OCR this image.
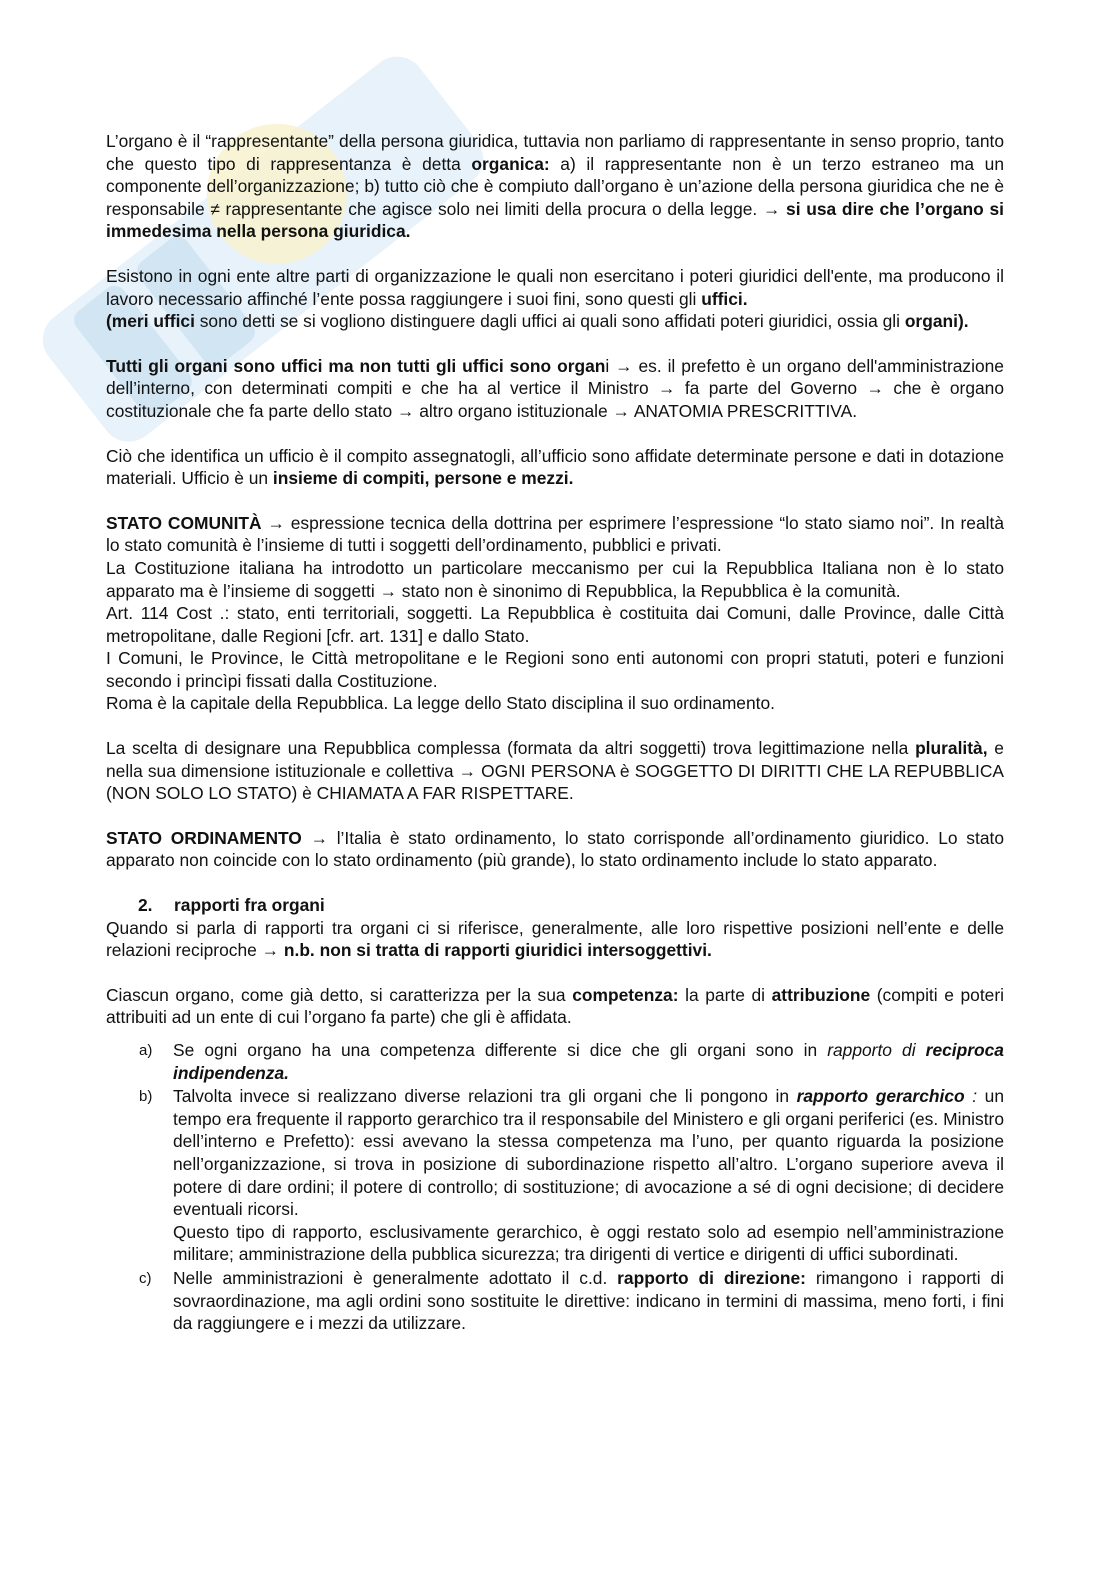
L’organo è il “rappresentante” della persona giuridica, tuttavia non parliamo di rappresentante in senso proprio, tanto che questo tipo di rappresentanza è detta organica: a) il rappresentante non è un terzo estraneo ma un componente dell’organizzazione; b) tutto ciò che è compiuto dall’organo è un’azione della persona giuridica che ne è responsabile ≠ rappresentante che agisce solo nei limiti della procura o della legge. → si usa dire che l’organo si immedesima nella persona giuridica.

Esistono in ogni ente altre parti di organizzazione le quali non esercitano i poteri giuridici dell'ente, ma producono il lavoro necessario affinché l’ente possa raggiungere i suoi fini, sono questi gli uffici.
(meri uffici sono detti se si vogliono distinguere dagli uffici ai quali sono affidati poteri giuridici, ossia gli organi).

Tutti gli organi sono uffici ma non tutti gli uffici sono organi → es. il prefetto è un organo dell'amministrazione dell’interno, con determinati compiti e che ha al vertice il Ministro → fa parte del Governo → che è organo costituzionale che fa parte dello stato → altro organo istituzionale → ANATOMIA PRESCRITTIVA.

Ciò che identifica un ufficio è il compito assegnatogli, all’ufficio sono affidate determinate persone e dati in dotazione materiali. Ufficio è un insieme di compiti, persone e mezzi.

STATO COMUNITÀ → espressione tecnica della dottrina per esprimere l’espressione “lo stato siamo noi”. In realtà lo stato comunità è l’insieme di tutti i soggetti dell’ordinamento, pubblici e privati.
La Costituzione italiana ha introdotto un particolare meccanismo per cui la Repubblica Italiana non è lo stato apparato ma è l’insieme di soggetti → stato non è sinonimo di Repubblica, la Repubblica è la comunità.
Art. 114 Cost .: stato, enti territoriali, soggetti. La Repubblica è costituita dai Comuni, dalle Province, dalle Città metropolitane, dalle Regioni [cfr. art. 131] e dallo Stato.
I Comuni, le Province, le Città metropolitane e le Regioni sono enti autonomi con propri statuti, poteri e funzioni secondo i princìpi fissati dalla Costituzione.
Roma è la capitale della Repubblica. La legge dello Stato disciplina il suo ordinamento.

La scelta di designare una Repubblica complessa (formata da altri soggetti) trova legittimazione nella pluralità, e nella sua dimensione istituzionale e collettiva → OGNI PERSONA è SOGGETTO DI DIRITTI CHE LA REPUBBLICA (NON SOLO LO STATO) è CHIAMATA A FAR RISPETTARE.

STATO ORDINAMENTO → l’Italia è stato ordinamento, lo stato corrisponde all’ordinamento giuridico. Lo stato apparato non coincide con lo stato ordinamento (più grande), lo stato ordinamento include lo stato apparato.

2. rapporti fra organi

Quando si parla di rapporti tra organi ci si riferisce, generalmente, alle loro rispettive posizioni nell’ente e delle relazioni reciproche → n.b. non si tratta di rapporti giuridici intersoggettivi.

Ciascun organo, come già detto, si caratterizza per la sua competenza: la parte di attribuzione (compiti e poteri attribuiti ad un ente di cui l’organo fa parte) che gli è affidata.

a) Se ogni organo ha una competenza differente si dice che gli organi sono in rapporto di reciproca indipendenza.
b) Talvolta invece si realizzano diverse relazioni tra gli organi che li pongono in rapporto gerarchico : un tempo era frequente il rapporto gerarchico tra il responsabile del Ministero e gli organi periferici (es. Ministro dell’interno e Prefetto): essi avevano la stessa competenza ma l’uno, per quanto riguarda la posizione nell’organizzazione, si trova in posizione di subordinazione rispetto all’altro. L’organo superiore aveva il potere di dare ordini; il potere di controllo; di sostituzione; di avocazione a sé di ogni decisione; di decidere eventuali ricorsi.
Questo tipo di rapporto, esclusivamente gerarchico, è oggi restato solo ad esempio nell’amministrazione militare; amministrazione della pubblica sicurezza; tra dirigenti di vertice e dirigenti di uffici subordinati.
c) Nelle amministrazioni è generalmente adottato il c.d. rapporto di direzione: rimangono i rapporti di sovraordinazione, ma agli ordini sono sostituite le direttive: indicano in termini di massima, meno forti, i fini da raggiungere e i mezzi da utilizzare.
